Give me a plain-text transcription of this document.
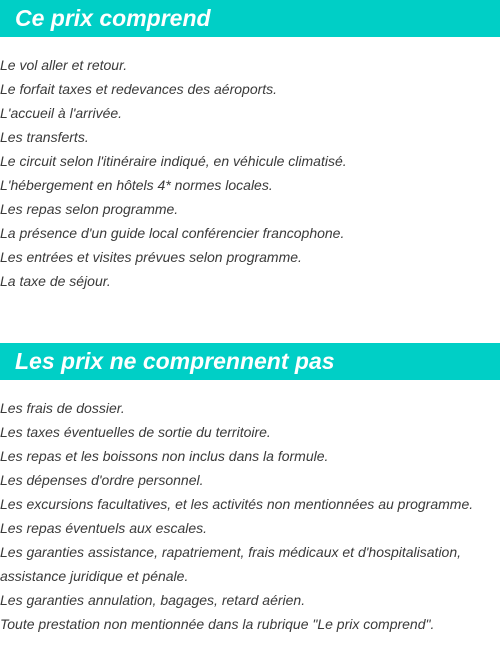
Ce prix comprend
Le vol aller et retour.
Le forfait taxes et redevances des aéroports.
L'accueil à l'arrivée.
Les transferts.
Le circuit selon l'itinéraire indiqué, en véhicule climatisé.
L'hébergement en hôtels 4* normes locales.
Les repas selon programme.
La présence d'un guide local conférencier francophone.
Les entrées et visites prévues selon programme.
La taxe de séjour.
Les prix ne comprennent pas
Les frais de dossier.
Les taxes éventuelles de sortie du territoire.
Les repas et les boissons non inclus dans la formule.
Les dépenses d'ordre personnel.
Les excursions facultatives, et les activités non mentionnées au programme.
Les repas éventuels aux escales.
Les garanties assistance, rapatriement, frais médicaux et d'hospitalisation,
assistance juridique et pénale.
Les garanties annulation, bagages, retard aérien.
Toute prestation non mentionnée dans la rubrique "Le prix comprend".
